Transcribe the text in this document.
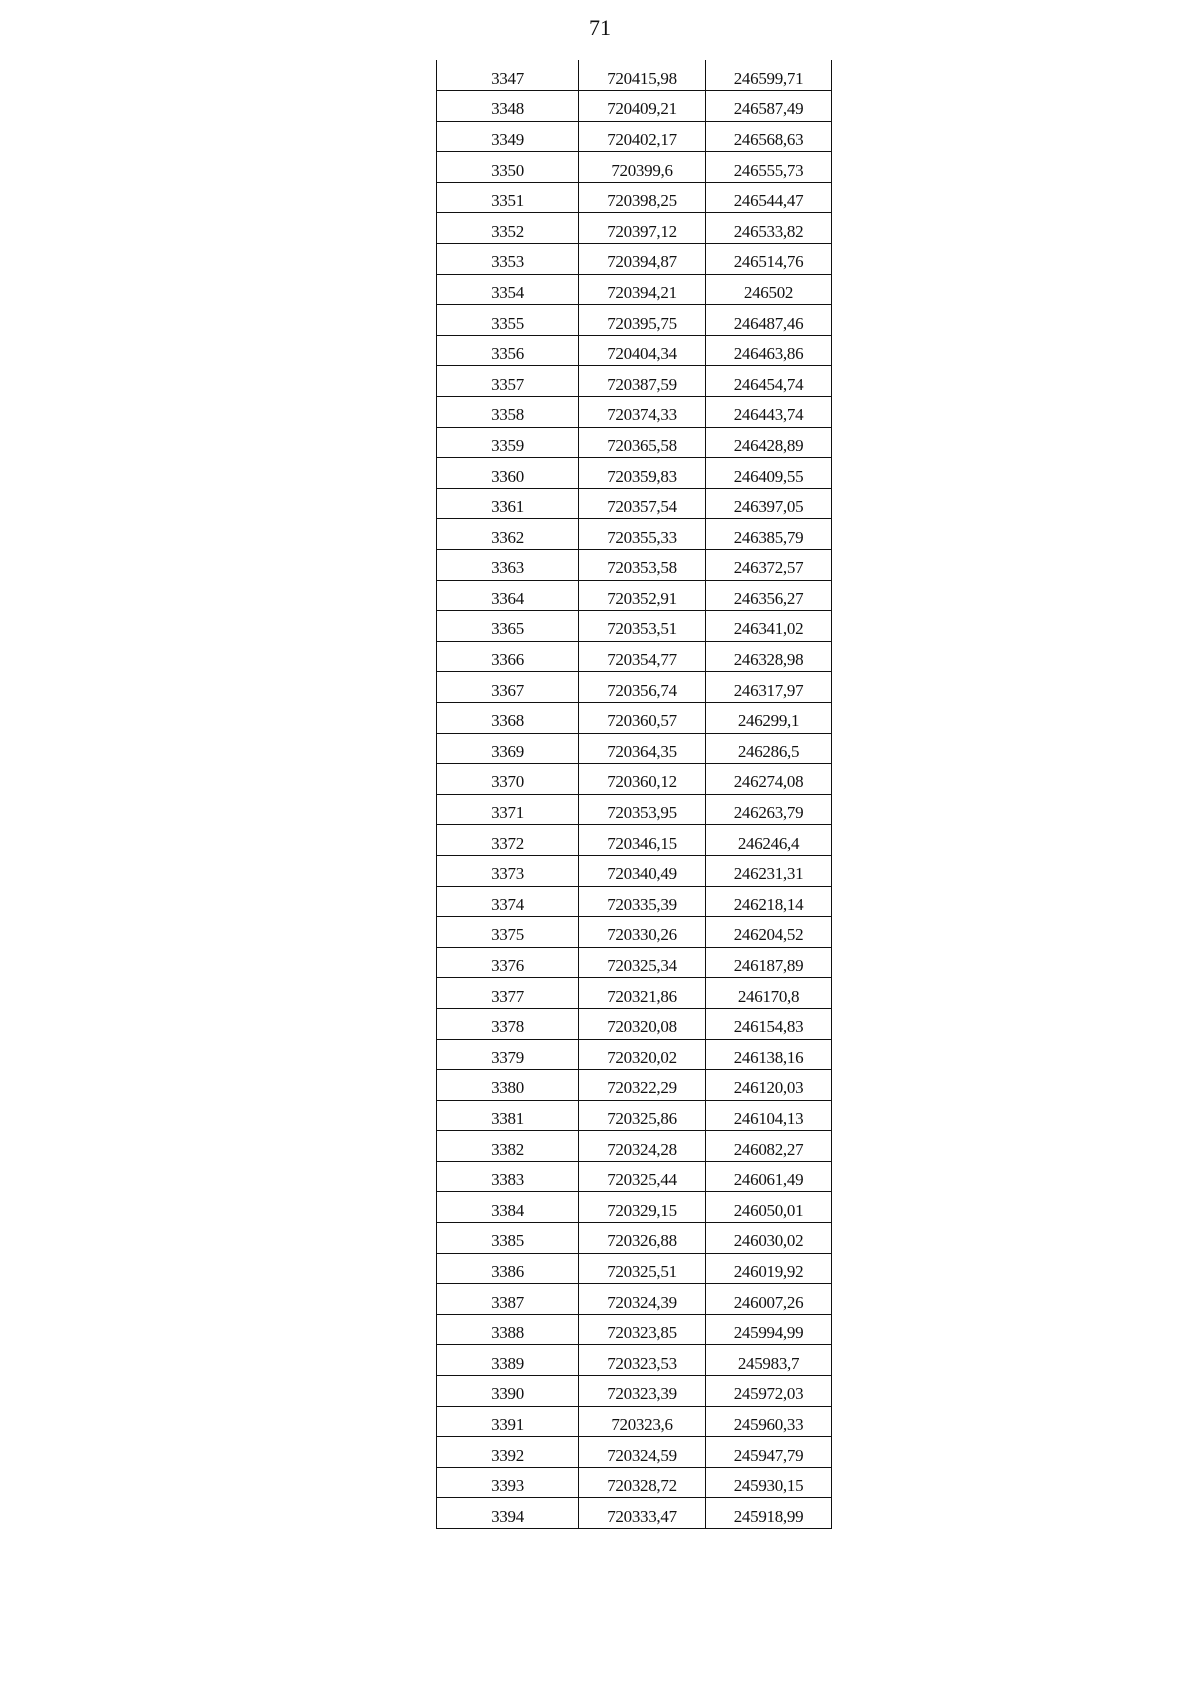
71
3347	720415,98	246599,71
3348	720409,21	246587,49
3349	720402,17	246568,63
3350	720399,6	246555,73
3351	720398,25	246544,47
3352	720397,12	246533,82
3353	720394,87	246514,76
3354	720394,21	246502
3355	720395,75	246487,46
3356	720404,34	246463,86
3357	720387,59	246454,74
3358	720374,33	246443,74
3359	720365,58	246428,89
3360	720359,83	246409,55
3361	720357,54	246397,05
3362	720355,33	246385,79
3363	720353,58	246372,57
3364	720352,91	246356,27
3365	720353,51	246341,02
3366	720354,77	246328,98
3367	720356,74	246317,97
3368	720360,57	246299,1
3369	720364,35	246286,5
3370	720360,12	246274,08
3371	720353,95	246263,79
3372	720346,15	246246,4
3373	720340,49	246231,31
3374	720335,39	246218,14
3375	720330,26	246204,52
3376	720325,34	246187,89
3377	720321,86	246170,8
3378	720320,08	246154,83
3379	720320,02	246138,16
3380	720322,29	246120,03
3381	720325,86	246104,13
3382	720324,28	246082,27
3383	720325,44	246061,49
3384	720329,15	246050,01
3385	720326,88	246030,02
3386	720325,51	246019,92
3387	720324,39	246007,26
3388	720323,85	245994,99
3389	720323,53	245983,7
3390	720323,39	245972,03
3391	720323,6	245960,33
3392	720324,59	245947,79
3393	720328,72	245930,15
3394	720333,47	245918,99
